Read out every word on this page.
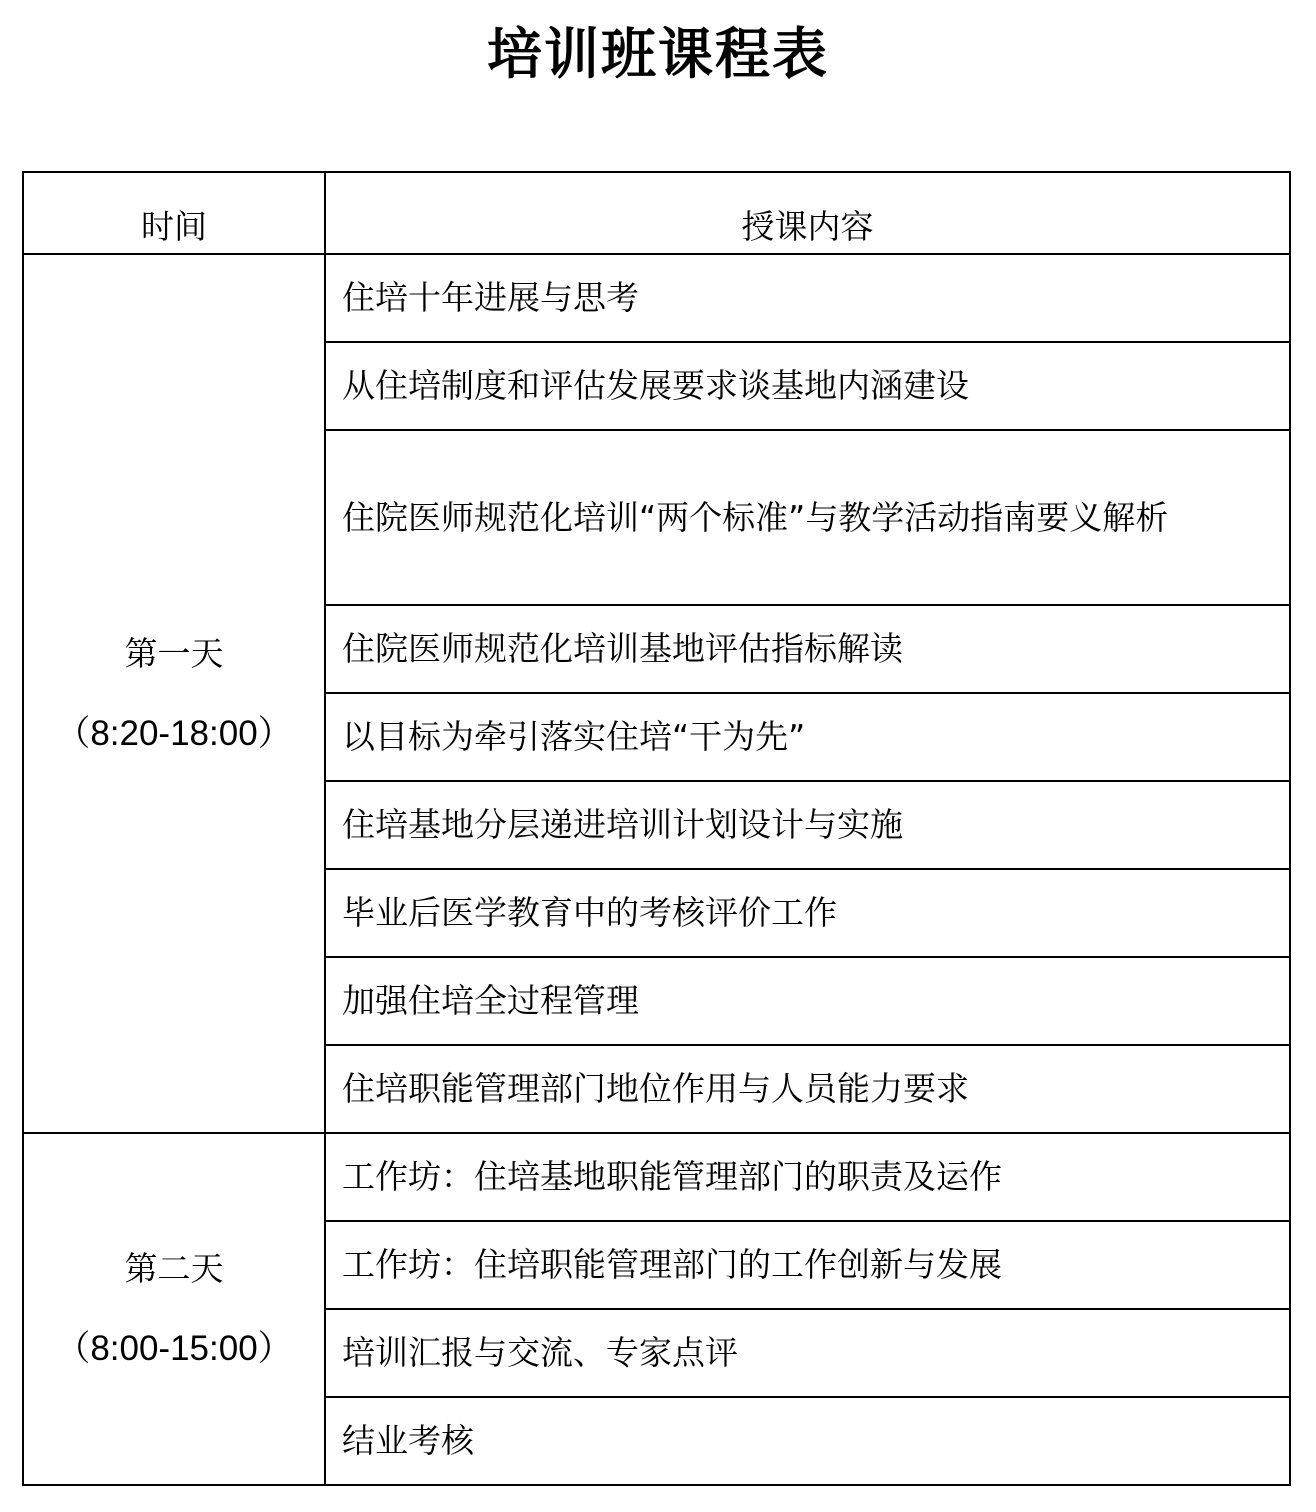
培训班课程表
时间	授课内容

第一天
（8:20-18:00）	住培十年进展与思考
	从住培制度和评估发展要求谈基地内涵建设
	住院医师规范化培训“两个标准”与教学活动指南要义解析
	住院医师规范化培训基地评估指标解读
	以目标为牵引落实住培“干为先”
	住培基地分层递进培训计划设计与实施
	毕业后医学教育中的考核评价工作
	加强住培全过程管理
	住培职能管理部门地位作用与人员能力要求

第二天
（8:00-15:00）	工作坊：住培基地职能管理部门的职责及运作
	工作坊：住培职能管理部门的工作创新与发展
	培训汇报与交流、专家点评
	结业考核
